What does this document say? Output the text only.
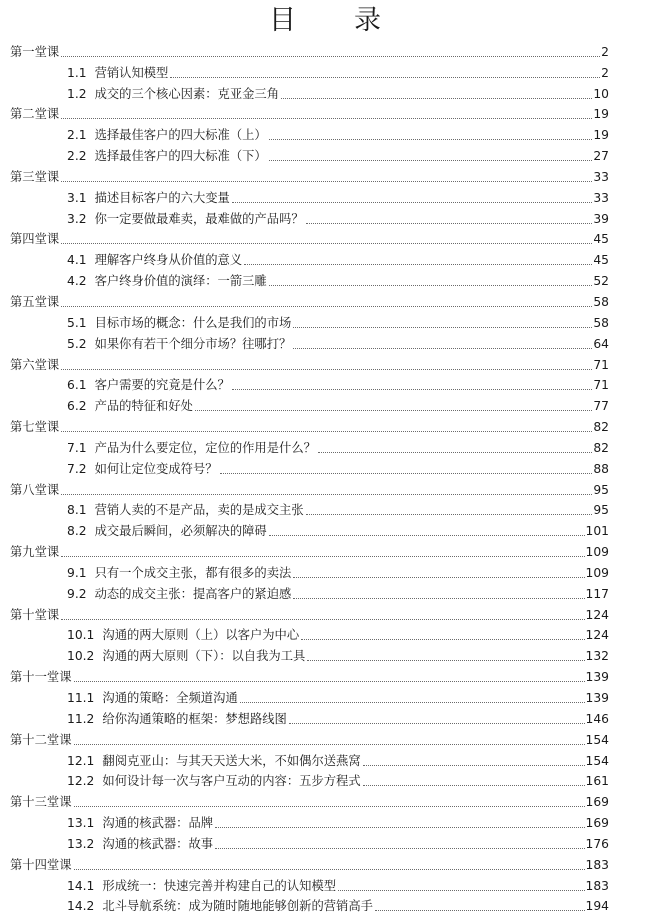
目录
第一堂课	2
1.1 营销认知模型	2
1.2 成交的三个核心因素：克亚金三角	10
第二堂课	19
2.1 选择最佳客户的四大标准（上）	19
2.2 选择最佳客户的四大标准（下）	27
第三堂课	33
3.1 描述目标客户的六大变量	33
3.2 你一定要做最难卖，最难做的产品吗？	39
第四堂课	45
4.1 理解客户终身从价值的意义	45
4.2 客户终身价值的演绎：一箭三雕	52
第五堂课	58
5.1 目标市场的概念：什么是我们的市场	58
5.2 如果你有若干个细分市场？往哪打？	64
第六堂课	71
6.1 客户需要的究竟是什么？	71
6.2 产品的特征和好处	77
第七堂课	82
7.1 产品为什么要定位，定位的作用是什么？	82
7.2 如何让定位变成符号？	88
第八堂课	95
8.1 营销人卖的不是产品，卖的是成交主张	95
8.2 成交最后瞬间，必须解决的障碍	101
第九堂课	109
9.1 只有一个成交主张，都有很多的卖法	109
9.2 动态的成交主张：提高客户的紧迫感	117
第十堂课	124
10.1 沟通的两大原则（上）以客户为中心	124
10.2 沟通的两大原则（下）：以自我为工具	132
第十一堂课	139
11.1 沟通的策略：全频道沟通	139
11.2 给你沟通策略的框架：梦想路线图	146
第十二堂课	154
12.1 翻阅克亚山：与其天天送大米，不如偶尔送燕窝	154
12.2 如何设计每一次与客户互动的内容：五步方程式	161
第十三堂课	169
13.1 沟通的核武器：品牌	169
13.2 沟通的核武器：故事	176
第十四堂课	183
14.1 形成统一：快速完善并构建自己的认知模型	183
14.2 北斗导航系统：成为随时随地能够创新的营销高手	194
